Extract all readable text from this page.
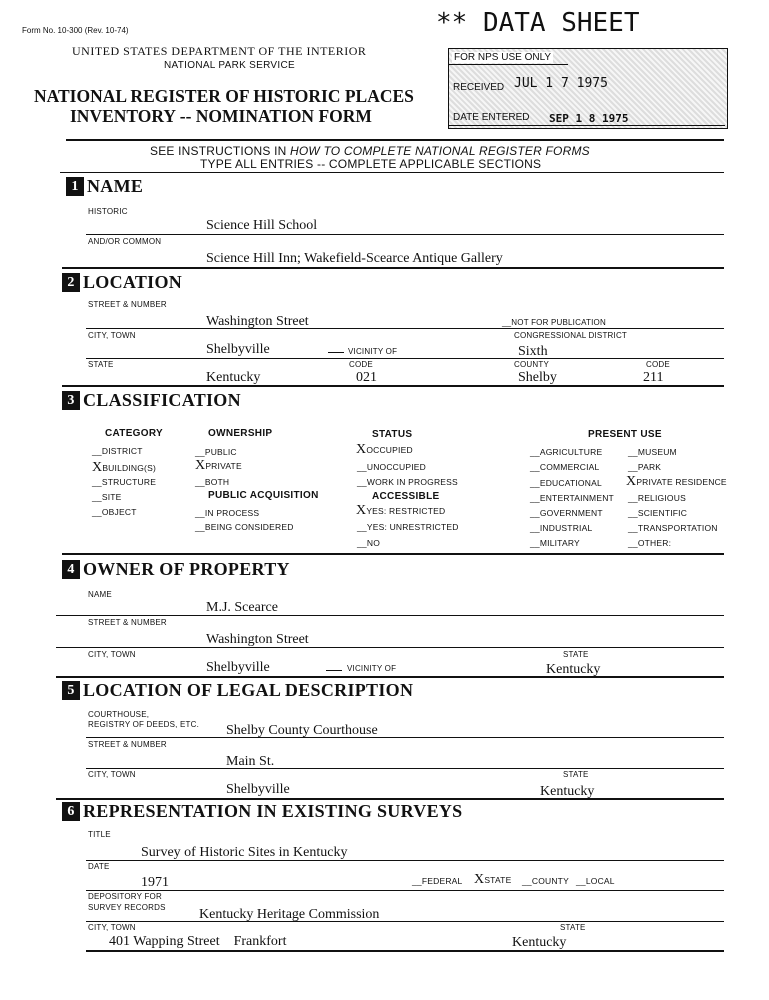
Form No. 10-300 (Rev. 10-74)
UNITED STATES DEPARTMENT OF THE INTERIOR
NATIONAL PARK SERVICE
NATIONAL REGISTER OF HISTORIC PLACES
INVENTORY -- NOMINATION FORM
** DATA SHEET
FOR NPS USE ONLY
RECEIVED JUL 1 7 1975
DATE ENTERED SEP 1 8 1975
SEE INSTRUCTIONS IN HOW TO COMPLETE NATIONAL REGISTER FORMS
TYPE ALL ENTRIES -- COMPLETE APPLICABLE SECTIONS
1 NAME
HISTORIC
Science Hill School
AND/OR COMMON
Science Hill Inn; Wakefield-Scearce Antique Gallery
2 LOCATION
STREET & NUMBER
Washington Street	__NOT FOR PUBLICATION
CITY, TOWN	CONGRESSIONAL DISTRICT
Shelbyville	VICINITY OF	Sixth
STATE	CODE	COUNTY	CODE
Kentucky	021	Shelby	211
3 CLASSIFICATION
CATEGORY	OWNERSHIP	STATUS	PRESENT USE
__DISTRICT
XBUILDING(S)
__STRUCTURE
__SITE
__OBJECT
__PUBLIC
XPRIVATE
__BOTH
PUBLIC ACQUISITION
__IN PROCESS
__BEING CONSIDERED
XOCCUPIED
__UNOCCUPIED
__WORK IN PROGRESS
ACCESSIBLE
XYES: RESTRICTED
__YES: UNRESTRICTED
__NO
__AGRICULTURE
__COMMERCIAL
__EDUCATIONAL
__ENTERTAINMENT
__GOVERNMENT
__INDUSTRIAL
__MILITARY
__MUSEUM
__PARK
XPRIVATE RESIDENCE
__RELIGIOUS
__SCIENTIFIC
__TRANSPORTATION
__OTHER:
4 OWNER OF PROPERTY
NAME
M.J. Scearce
STREET & NUMBER
Washington Street
CITY, TOWN	STATE
Shelbyville	VICINITY OF	Kentucky
5 LOCATION OF LEGAL DESCRIPTION
COURTHOUSE,
REGISTRY OF DEEDS, ETC. Shelby County Courthouse
STREET & NUMBER
Main St.
CITY, TOWN	STATE
Shelbyville	Kentucky
6 REPRESENTATION IN EXISTING SURVEYS
TITLE
Survey of Historic Sites in Kentucky
DATE
1971	__FEDERAL XSTATE __COUNTY __LOCAL
DEPOSITORY FOR
SURVEY RECORDS Kentucky Heritage Commission
CITY, TOWN	STATE
401 Wapping Street    Frankfort	Kentucky
